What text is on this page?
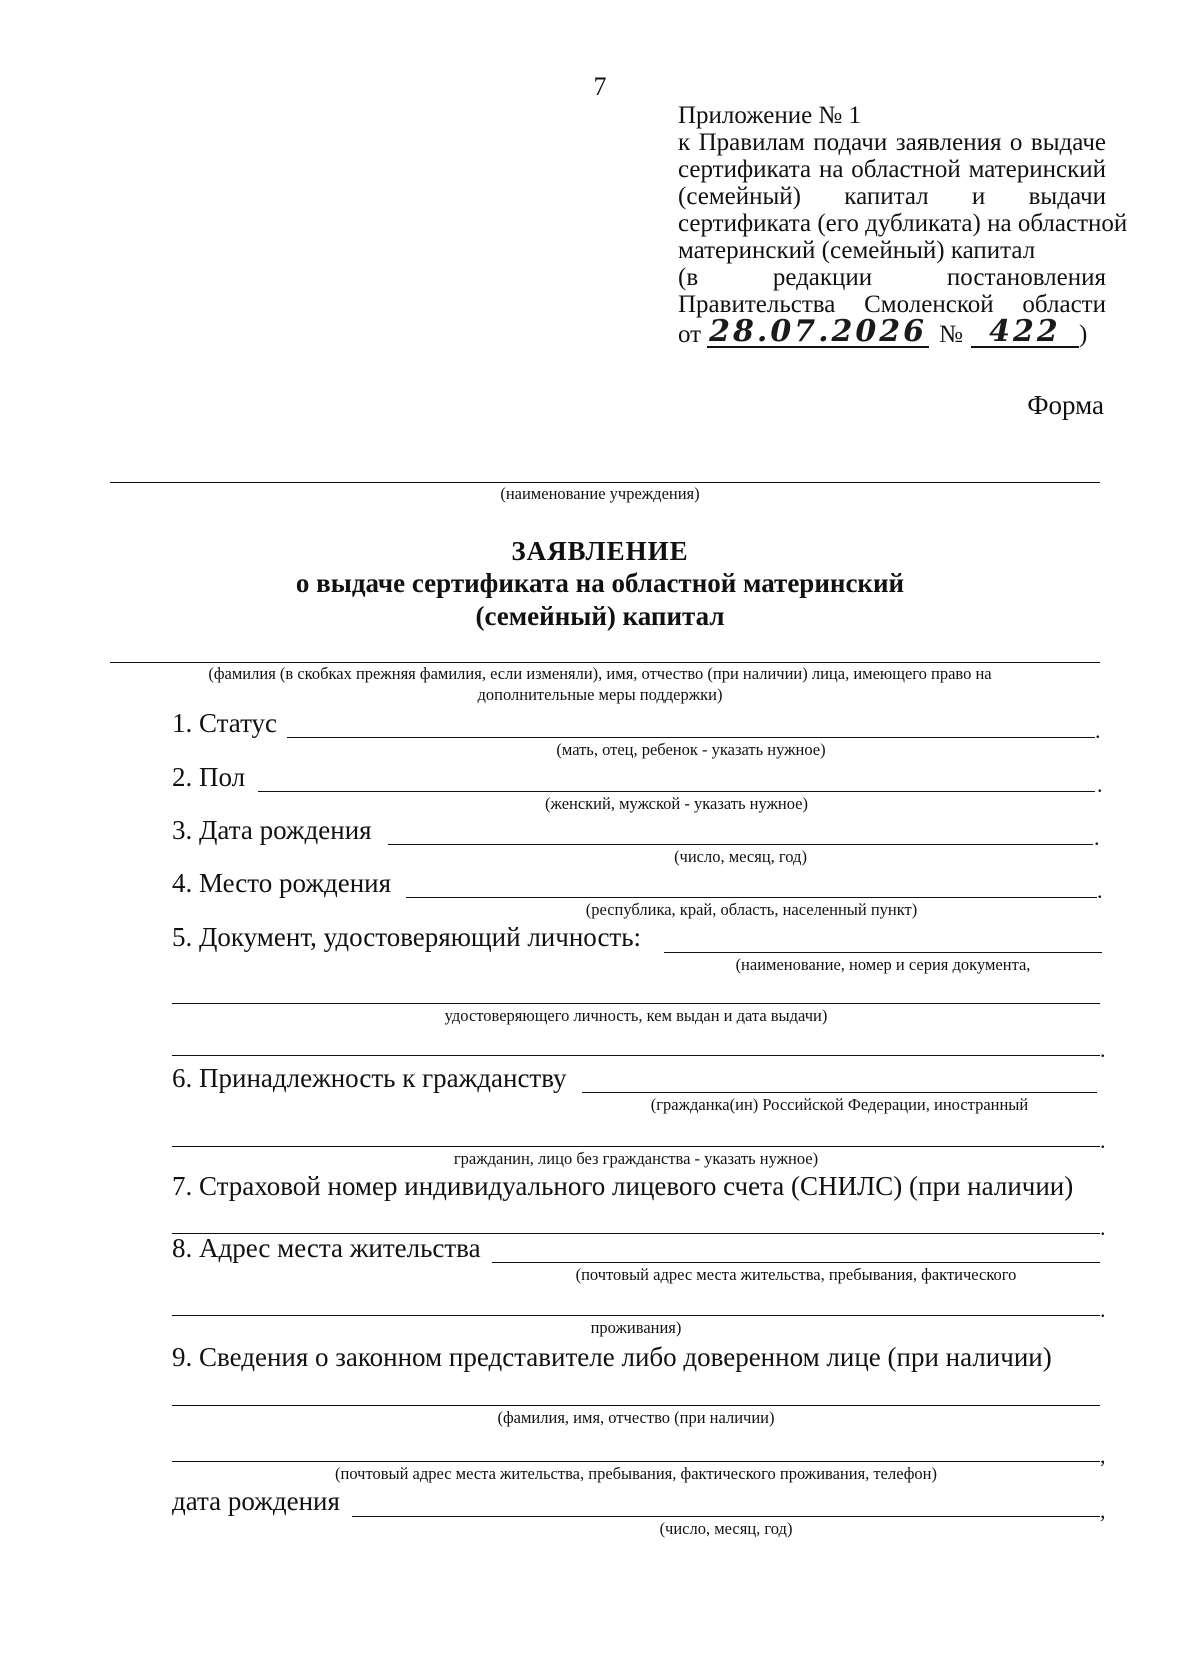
7
Приложение № 1
к Правилам подачи заявления о выдаче
сертификата на областной материнский
(семейный) капитал и выдачи
сертификата (его дубликата) на областной
материнский (семейный) капитал
(в редакции постановления
Правительства Смоленской области
от 28.07.2026 № 422 )
Форма
(наименование учреждения)
ЗАЯВЛЕНИЕ
о выдаче сертификата на областной материнский
(семейный) капитал
(фамилия (в скобках прежняя фамилия, если изменяли), имя, отчество (при наличии) лица, имеющего право на
дополнительные меры поддержки)
1. Статус	.
(мать, отец, ребенок - указать нужное)
2. Пол	.
(женский, мужской - указать нужное)
3. Дата рождения	.
(число, месяц, год)
4. Место рождения	.
(республика, край, область, населенный пункт)
5. Документ, удостоверяющий личность:
(наименование, номер и серия документа,
удостоверяющего личность, кем выдан и дата выдачи)
.
6. Принадлежность к гражданству
(гражданка(ин) Российской Федерации, иностранный
.
гражданин, лицо без гражданства - указать нужное)
7. Страховой номер индивидуального лицевого счета (СНИЛС) (при наличии)
.
8. Адрес места жительства
(почтовый адрес места жительства, пребывания, фактического
.
проживания)
9. Сведения о законном представителе либо доверенном лице (при наличии)
(фамилия, имя, отчество (при наличии)
,
(почтовый адрес места жительства, пребывания, фактического проживания, телефон)
дата рождения	,
(число, месяц, год)
